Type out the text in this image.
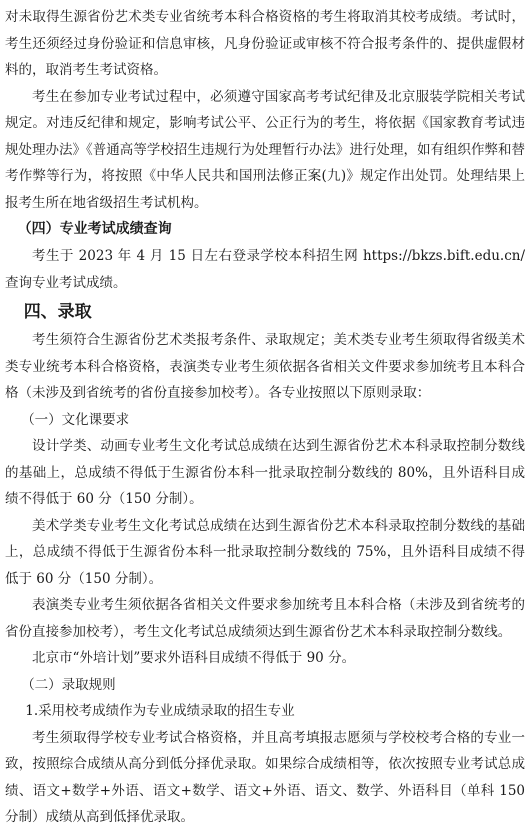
对未取得生源省份艺术类专业省统考本科合格资格的考生将取消其校考成绩。考试时，考生还须经过身份验证和信息审核，凡身份验证或审核不符合报考条件的、提供虚假材料的，取消考生考试资格。

考生在参加专业考试过程中，必须遵守国家高考考试纪律及北京服装学院相关考试规定。对违反纪律和规定，影响考试公平、公正行为的考生，将依据《国家教育考试违规处理办法》《普通高等学校招生违规行为处理暂行办法》进行处理，如有组织作弊和替考作弊等行为，将按照《中华人民共和国刑法修正案(九)》规定作出处罚。处理结果上报考生所在地省级招生考试机构。

（四）专业考试成绩查询

考生于 2023 年 4 月 15 日左右登录学校本科招生网 https://bkzs.bift.edu.cn/查询专业考试成绩。

四、录取

考生须符合生源省份艺术类报考条件、录取规定；美术类专业考生须取得省级美术类专业统考本科合格资格，表演类专业考生须依据各省相关文件要求参加统考且本科合格（未涉及到省统考的省份直接参加校考）。各专业按照以下原则录取：

（一）文化课要求

设计学类、动画专业考生文化考试总成绩在达到生源省份艺术本科录取控制分数线的基础上，总成绩不得低于生源省份本科一批录取控制分数线的 80%，且外语科目成绩不得低于 60 分（150 分制）。

美术学类专业考生文化考试总成绩在达到生源省份艺术本科录取控制分数线的基础上，总成绩不得低于生源省份本科一批录取控制分数线的 75%，且外语科目成绩不得低于 60 分（150 分制）。

表演类专业考生须依据各省相关文件要求参加统考且本科合格（未涉及到省统考的省份直接参加校考），考生文化考试总成绩须达到生源省份艺术本科录取控制分数线。

北京市“外培计划”要求外语科目成绩不得低于 90 分。

（二）录取规则

1.采用校考成绩作为专业成绩录取的招生专业

考生须取得学校专业考试合格资格，并且高考填报志愿须与学校校考合格的专业一致，按照综合成绩从高分到低分择优录取。如果综合成绩相等，依次按照专业考试总成绩、语文+数学+外语、语文+数学、语文+外语、语文、数学、外语科目（单科 150 分制）成绩从高到低择优录取。
